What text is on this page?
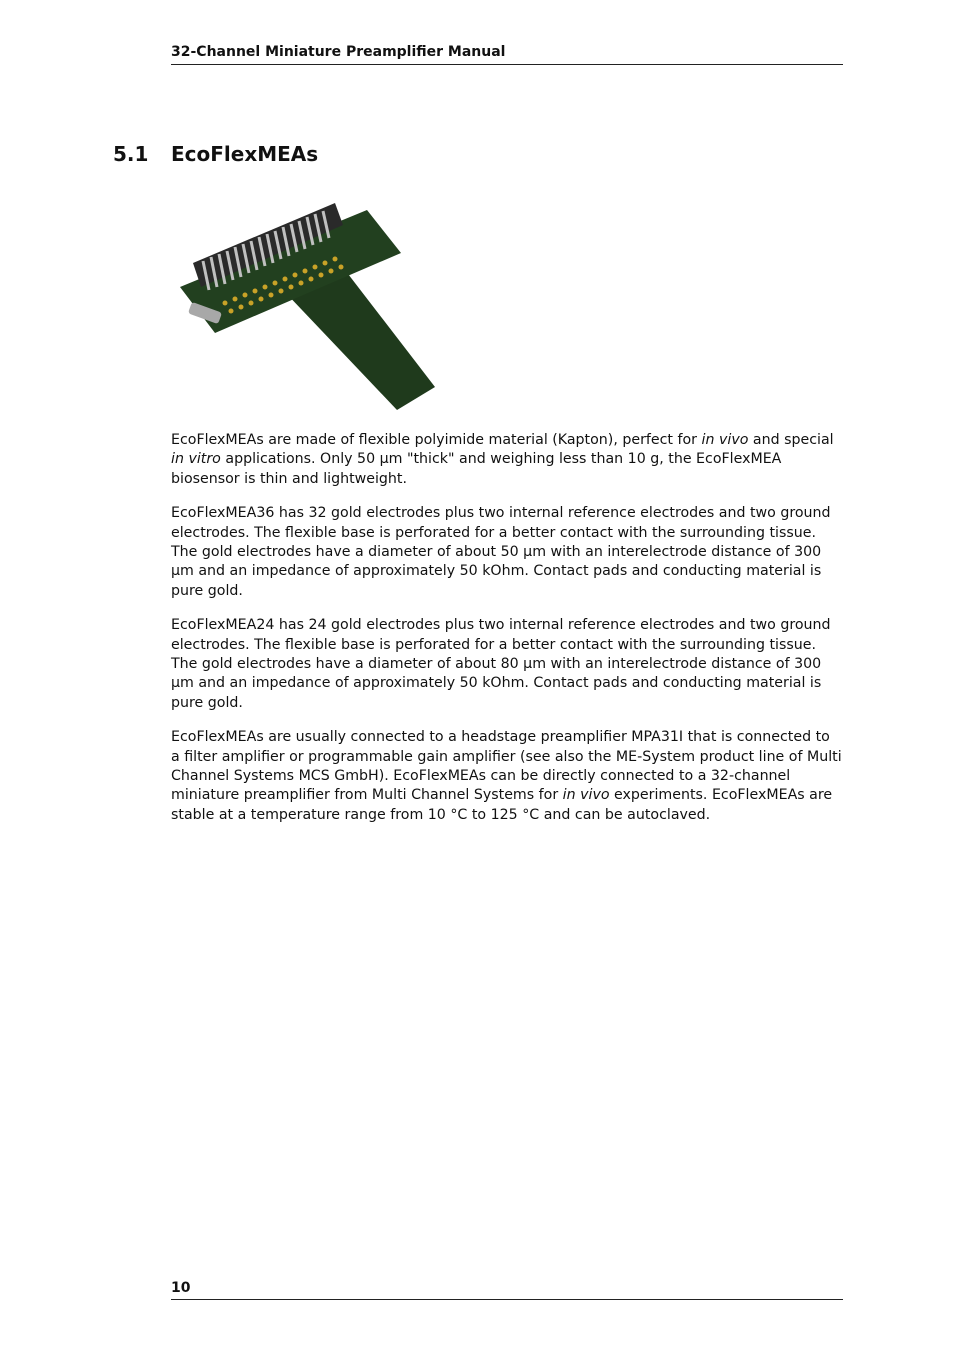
32-Channel Miniature Preamplifier Manual
5.1 EcoFlexMEAs

EcoFlexMEAs are made of flexible polyimide material (Kapton), perfect for in vivo and special in vitro applications. Only 50 µm "thick" and weighing less than 10 g, the EcoFlexMEA biosensor is thin and lightweight.

EcoFlexMEA36 has 32 gold electrodes plus two internal reference electrodes and two ground electrodes. The flexible base is perforated for a better contact with the surrounding tissue. The gold electrodes have a diameter of about 50 µm with an interelectrode distance of 300 µm and an impedance of approximately 50 kOhm. Contact pads and conducting material is pure gold.

EcoFlexMEA24 has 24 gold electrodes plus two internal reference electrodes and two ground electrodes. The flexible base is perforated for a better contact with the surrounding tissue. The gold electrodes have a diameter of about 80 µm with an interelectrode distance of 300 µm and an impedance of approximately 50 kOhm. Contact pads and conducting material is pure gold.

EcoFlexMEAs are usually connected to a headstage preamplifier MPA31I that is connected to a filter amplifier or programmable gain amplifier (see also the ME-System product line of Multi Channel Systems MCS GmbH). EcoFlexMEAs can be directly connected to a 32-channel miniature preamplifier from Multi Channel Systems for in vivo experiments. EcoFlexMEAs are stable at a temperature range from 10 °C to 125 °C and can be autoclaved.

10
